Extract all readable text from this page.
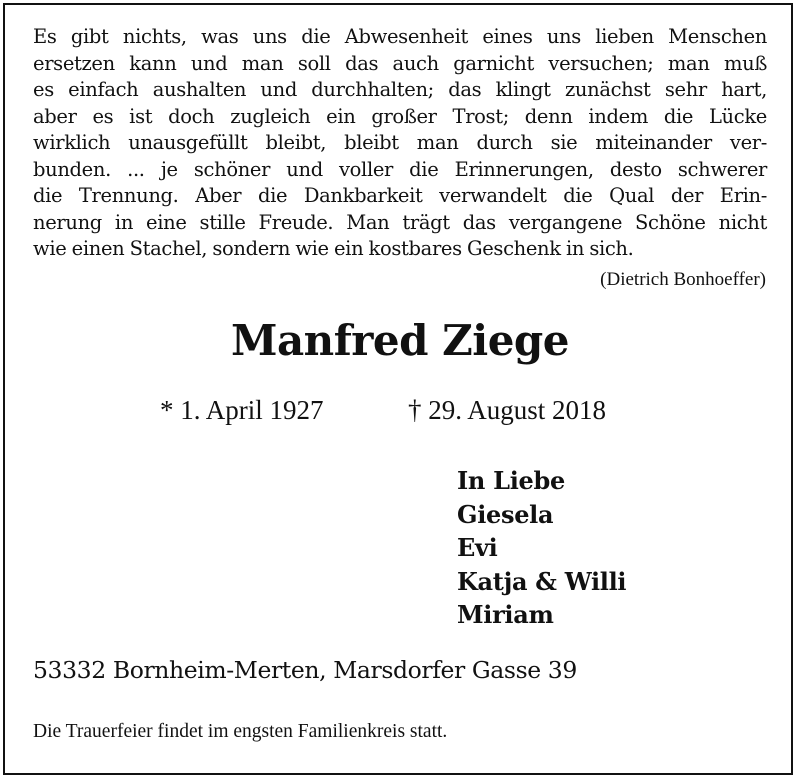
Es gibt nichts, was uns die Abwesenheit eines uns lieben Menschen
ersetzen kann und man soll das auch garnicht versuchen; man muß
es einfach aushalten und durchhalten; das klingt zunächst sehr hart,
aber es ist doch zugleich ein großer Trost; denn indem die Lücke
wirklich unausgefüllt bleibt, bleibt man durch sie miteinander ver-
bunden. ... je schöner und voller die Erinnerungen, desto schwerer
die Trennung. Aber die Dankbarkeit verwandelt die Qual der Erin-
nerung in eine stille Freude. Man trägt das vergangene Schöne nicht
wie einen Stachel, sondern wie ein kostbares Geschenk in sich.

(Dietrich Bonhoeffer)
Manfred Ziege
* 1. April 1927	† 29. August 2018
In Liebe
Giesela
Evi
Katja & Willi
Miriam
53332 Bornheim-Merten, Marsdorfer Gasse 39
Die Trauerfeier findet im engsten Familienkreis statt.
